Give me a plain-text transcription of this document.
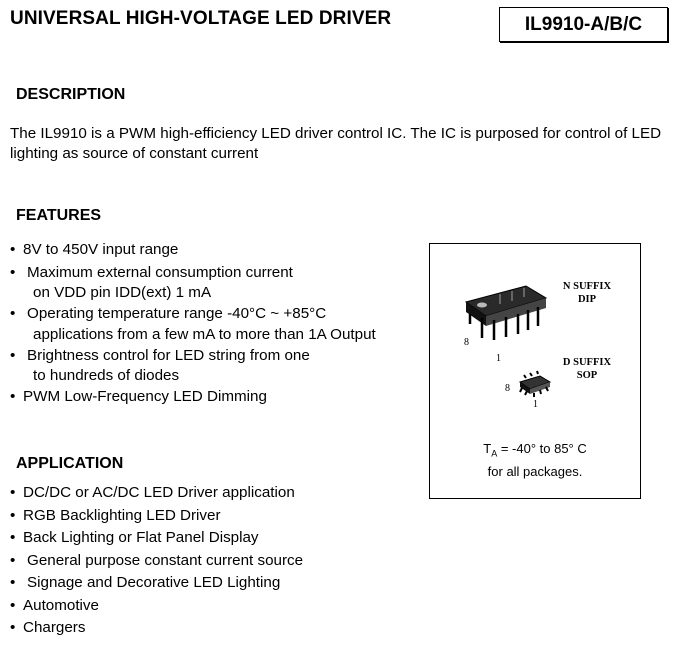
UNIVERSAL HIGH-VOLTAGE LED DRIVER	IL9910-A/B/C
DESCRIPTION
The IL9910 is a PWM high-efficiency LED driver control IC. The IC is purposed for control of LED lighting as source of constant current
FEATURES
• 8V to 450V input range
• Maximum external consumption current
on VDD pin IDD(ext) 1 mA
• Operating temperature range -40°C ~ +85°C
applications from a few mA to more than 1A Output
• Brightness control for LED string from one
to hundreds of diodes
• PWM Low-Frequency LED Dimming
APPLICATION
• DC/DC or AC/DC LED Driver application
• RGB Backlighting LED Driver
• Back Lighting or Flat Panel Display
• General purpose constant current source
• Signage and Decorative LED Lighting
• Automotive
• Chargers
N SUFFIX
DIP
8
1	D SUFFIX
SOP
8
1
$T_A = -40^\circ$ to 85° C
for all packages.
